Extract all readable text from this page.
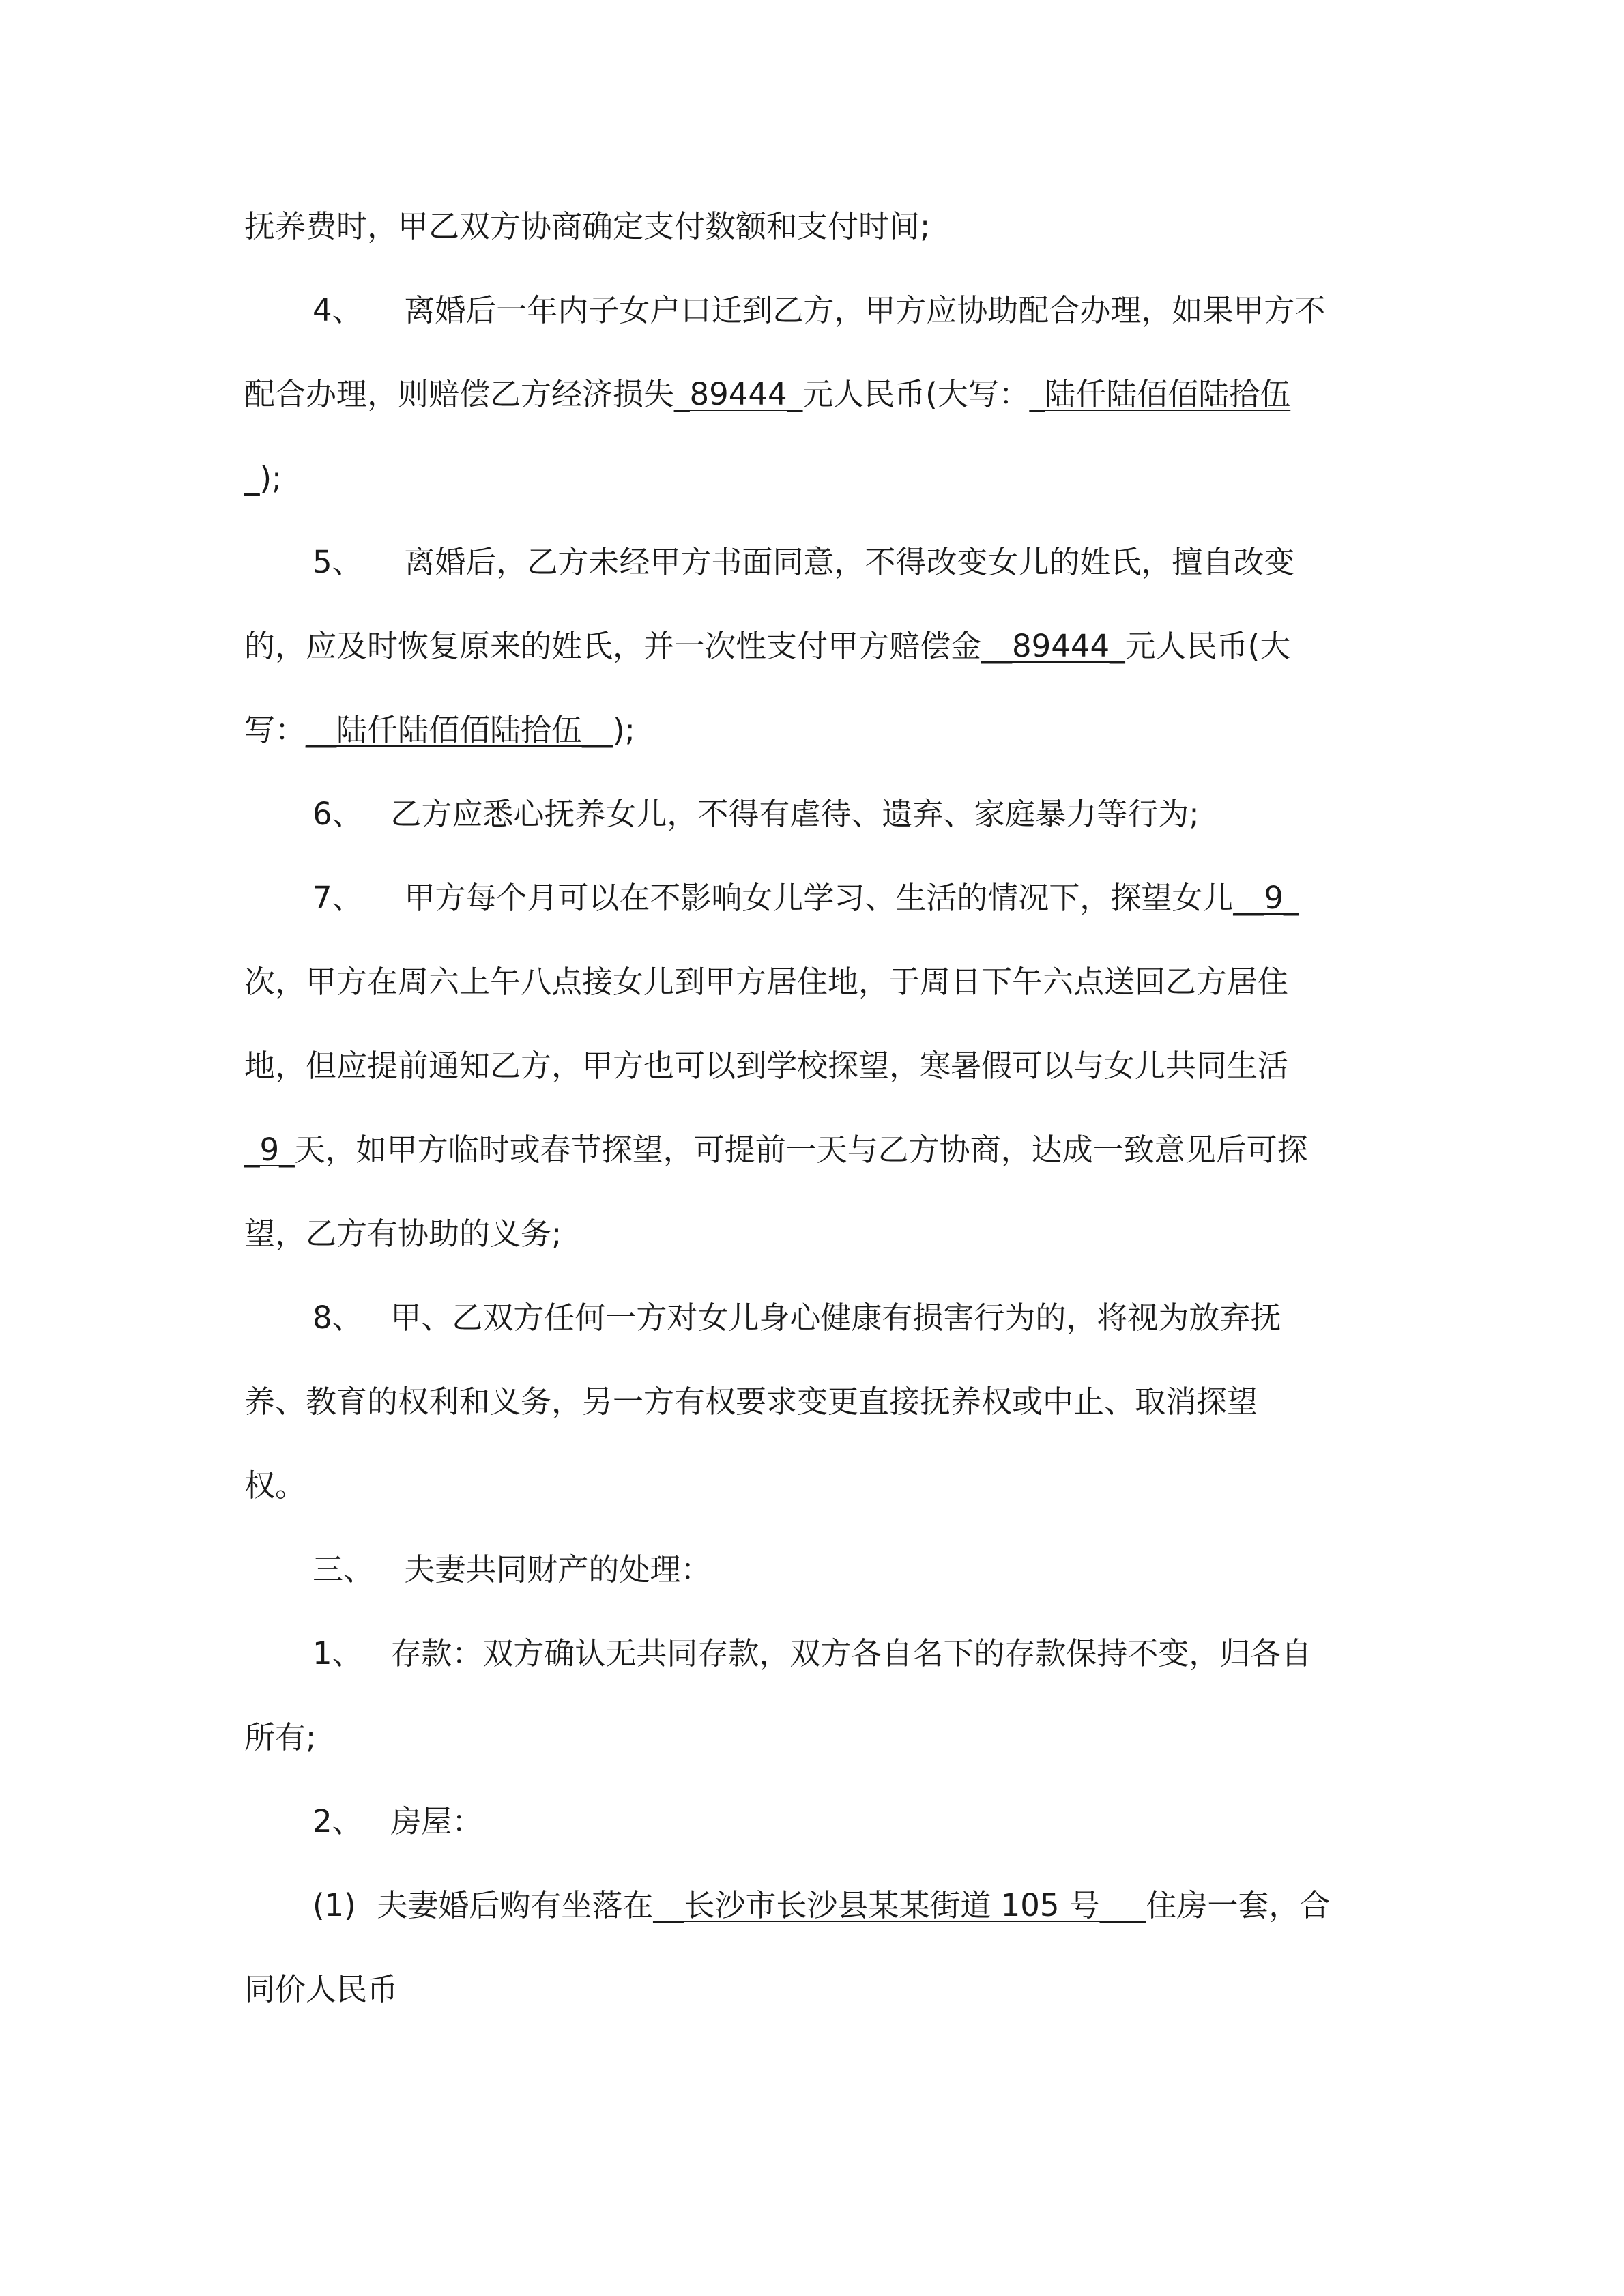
抚养费时，甲乙双方协商确定支付数额和支付时间;
4、 离婚后一年内子女户口迁到乙方，甲方应协助配合办理，如果甲方不
配合办理，则赔偿乙方经济损失_89444_元人民币(大写：_陆仟陆佰佰陆拾伍
_);
5、 离婚后，乙方未经甲方书面同意，不得改变女儿的姓氏，擅自改变
的，应及时恢复原来的姓氏，并一次性支付甲方赔偿金__89444_元人民币(大
写：__陆仟陆佰佰陆拾伍__);
6、 乙方应悉心抚养女儿，不得有虐待、遗弃、家庭暴力等行为;
7、 甲方每个月可以在不影响女儿学习、生活的情况下，探望女儿__9_
次，甲方在周六上午八点接女儿到甲方居住地，于周日下午六点送回乙方居住
地，但应提前通知乙方，甲方也可以到学校探望，寒暑假可以与女儿共同生活
_9_天，如甲方临时或春节探望，可提前一天与乙方协商，达成一致意见后可探
望，乙方有协助的义务;
8、 甲、乙双方任何一方对女儿身心健康有损害行为的，将视为放弃抚
养、教育的权利和义务，另一方有权要求变更直接抚养权或中止、取消探望
权。
三、 夫妻共同财产的处理：
1、 存款：双方确认无共同存款，双方各自名下的存款保持不变，归各自
所有;
2、 房屋：
(1) 夫妻婚后购有坐落在__长沙市长沙县某某街道 105 号___住房一套，合
同价人民币
